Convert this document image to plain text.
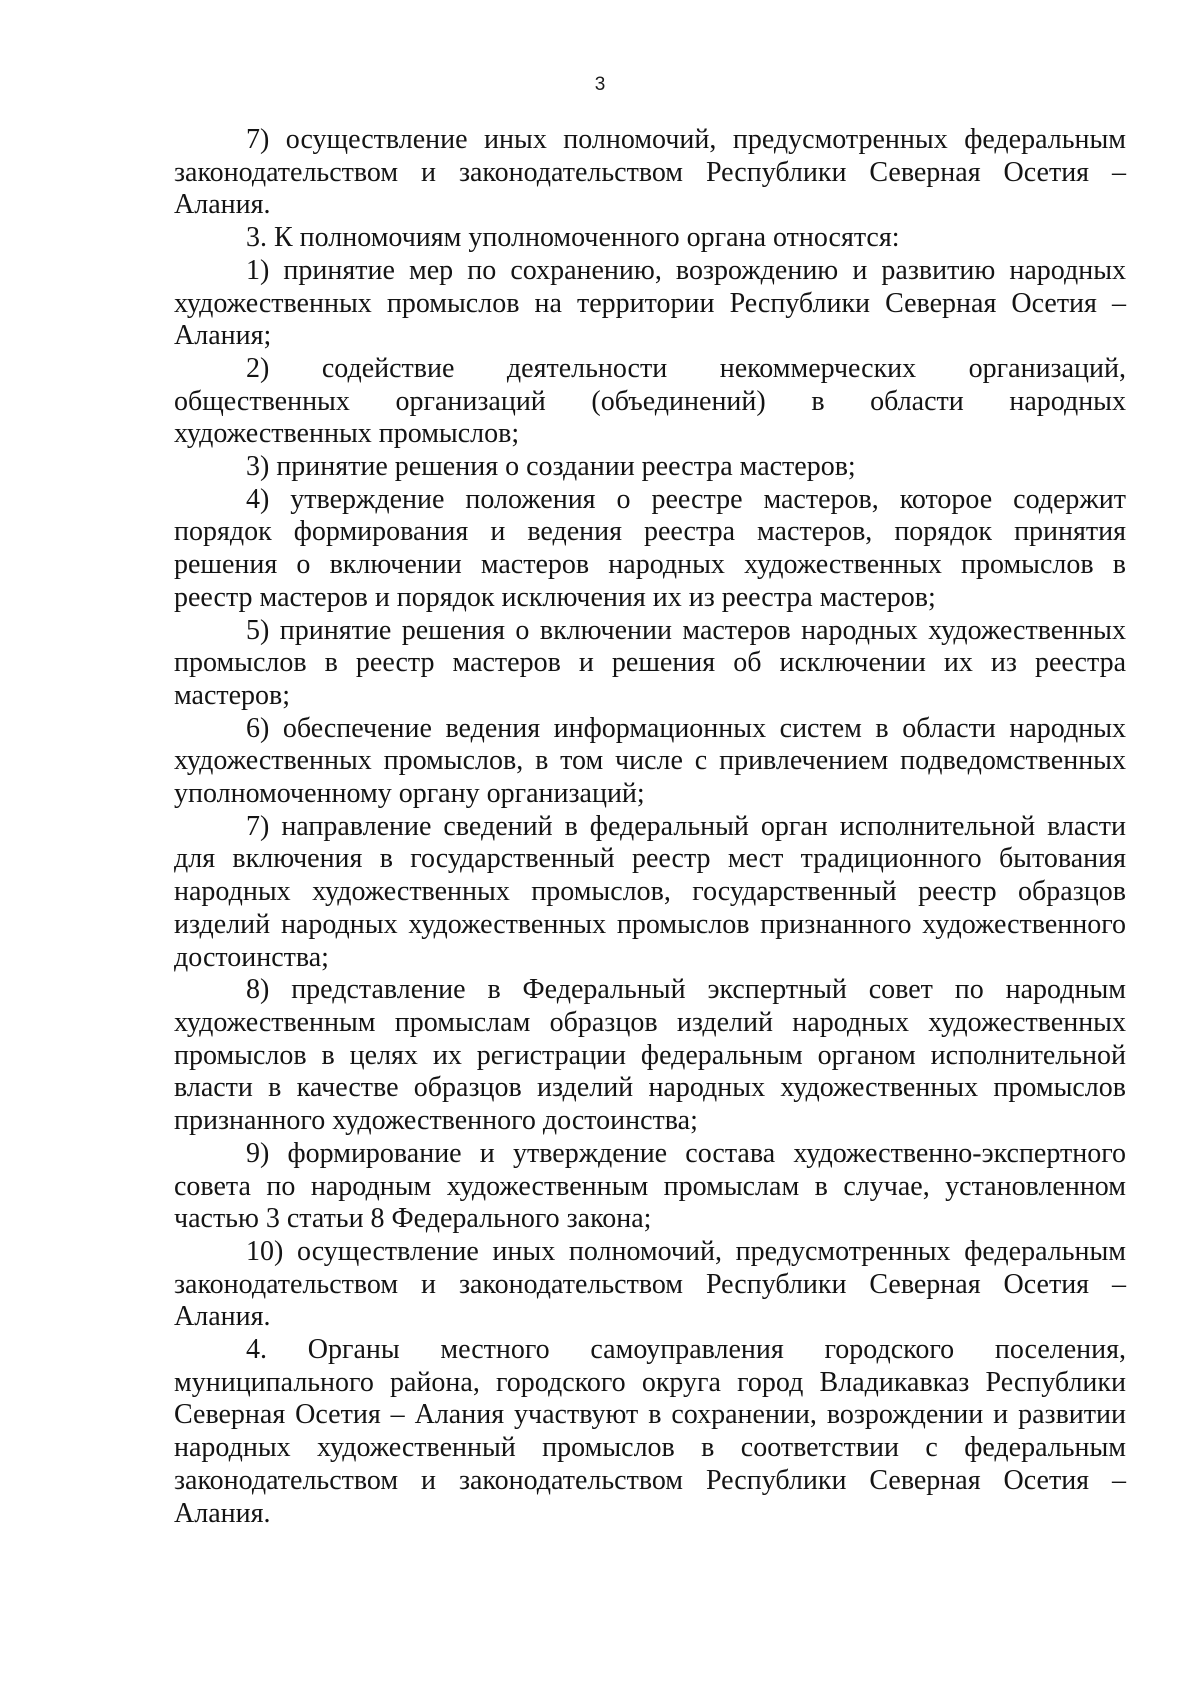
3

7) осуществление иных полномочий, предусмотренных федеральным законодательством и законодательством Республики Северная Осетия – Алания.

3. К полномочиям уполномоченного органа относятся:

1) принятие мер по сохранению, возрождению и развитию народных художественных промыслов на территории Республики Северная Осетия – Алания;

2) содействие деятельности некоммерческих организаций, общественных организаций (объединений) в области народных художественных промыслов;

3) принятие решения о создании реестра мастеров;

4) утверждение положения о реестре мастеров, которое содержит порядок формирования и ведения реестра мастеров, порядок принятия решения о включении мастеров народных художественных промыслов в реестр мастеров и порядок исключения их из реестра мастеров;

5) принятие решения о включении мастеров народных художественных промыслов в реестр мастеров и решения об исключении их из реестра мастеров;

6) обеспечение ведения информационных систем в области народных художественных промыслов, в том числе с привлечением подведомственных уполномоченному органу организаций;

7) направление сведений в федеральный орган исполнительной власти для включения в государственный реестр мест традиционного бытования народных художественных промыслов, государственный реестр образцов изделий народных художественных промыслов признанного художественного достоинства;

8) представление в Федеральный экспертный совет по народным художественным промыслам образцов изделий народных художественных промыслов в целях их регистрации федеральным органом исполнительной власти в качестве образцов изделий народных художественных промыслов признанного художественного достоинства;

9) формирование и утверждение состава художественно-экспертного совета по народным художественным промыслам в случае, установленном частью 3 статьи 8 Федерального закона;

10) осуществление иных полномочий, предусмотренных федеральным законодательством и законодательством Республики Северная Осетия – Алания.

4. Органы местного самоуправления городского поселения, муниципального района, городского округа город Владикавказ Республики Северная Осетия – Алания участвуют в сохранении, возрождении и развитии народных художественный промыслов в соответствии с федеральным законодательством и законодательством Республики Северная Осетия – Алания.
